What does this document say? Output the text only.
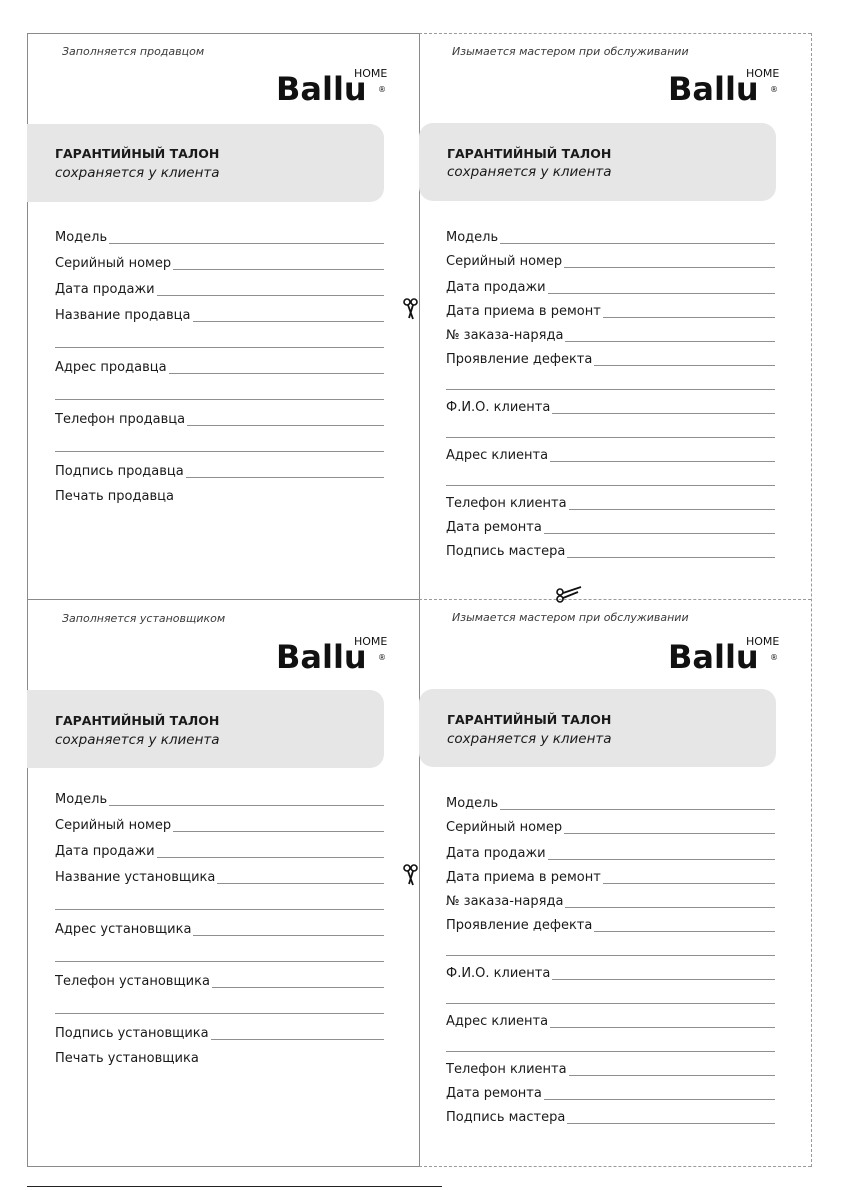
Заполняется продавцом
Ballu
HOME
®
ГАРАНТИЙНЫЙ ТАЛОН
сохраняется у клиента
Модель
Серийный номер
Дата продажи
Название продавца
Адрес продавца
Телефон продавца
Подпись продавца
Печать продавца
Изымается мастером при обслуживании
Ballu
HOME
®
ГАРАНТИЙНЫЙ ТАЛОН
сохраняется у клиента
Модель
Серийный номер
Дата продажи
Дата приема в ремонт
№ заказа-наряда
Проявление дефекта
Ф.И.О. клиента
Адрес клиента
Телефон клиента
Дата ремонта
Подпись мастера
Заполняется установщиком
Ballu
HOME
®
ГАРАНТИЙНЫЙ ТАЛОН
сохраняется у клиента
Модель
Серийный номер
Дата продажи
Название установщика
Адрес установщика
Телефон установщика
Подпись установщика
Печать установщика
Изымается мастером при обслуживании
Ballu
HOME
®
ГАРАНТИЙНЫЙ ТАЛОН
сохраняется у клиента
Модель
Серийный номер
Дата продажи
Дата приема в ремонт
№ заказа-наряда
Проявление дефекта
Ф.И.О. клиента
Адрес клиента
Телефон клиента
Дата ремонта
Подпись мастера
